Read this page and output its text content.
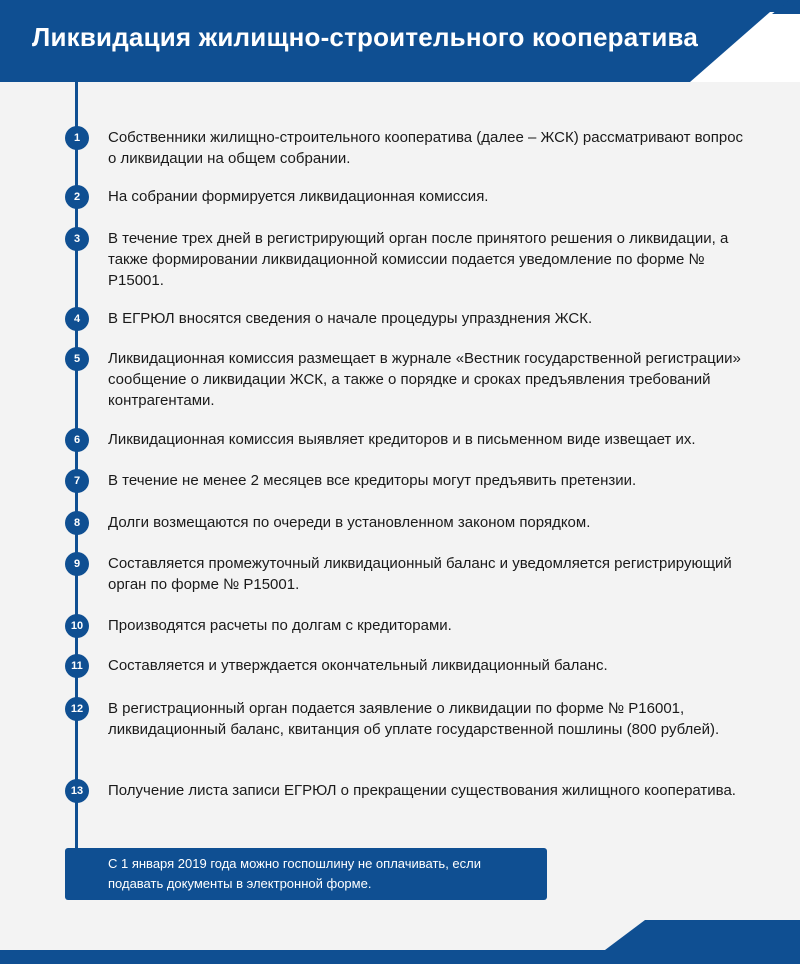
Ликвидация жилищно-строительного кооператива
1	Собственники жилищно-строительного кооператива (далее – ЖСК) рассматривают вопрос о ликвидации на общем собрании.

2	На собрании формируется ликвидационная комиссия.

3	В течение трех дней в регистрирующий орган после принятого решения о ликвидации, а также формировании ликвидационной комиссии подается уведомление по форме № Р15001.

4	В ЕГРЮЛ вносятся сведения о начале процедуры упразднения ЖСК.

5	Ликвидационная комиссия размещает в журнале «Вестник государственной регистрации» сообщение о ликвидации ЖСК, а также о порядке и сроках предъявления требований контрагентами.

6	Ликвидационная комиссия выявляет кредиторов и в письменном виде извещает их.

7	В течение не менее 2 месяцев все кредиторы могут предъявить претензии.

8	Долги возмещаются по очереди в установленном законом порядком.

9	Составляется промежуточный ликвидационный баланс и уведомляется регистрирующий орган по форме № Р15001.

10	Производятся расчеты по долгам с кредиторами.

11	Составляется и утверждается окончательный ликвидационный баланс.

12	В регистрационный орган подается заявление о ликвидации по форме № Р16001, ликвидационный баланс, квитанция об уплате государственной пошлины (800 рублей).

13	Получение листа записи ЕГРЮЛ о прекращении существования жилищного кооператива.

С 1 января 2019 года можно госпошлину не оплачивать, если подавать документы в электронной форме.
